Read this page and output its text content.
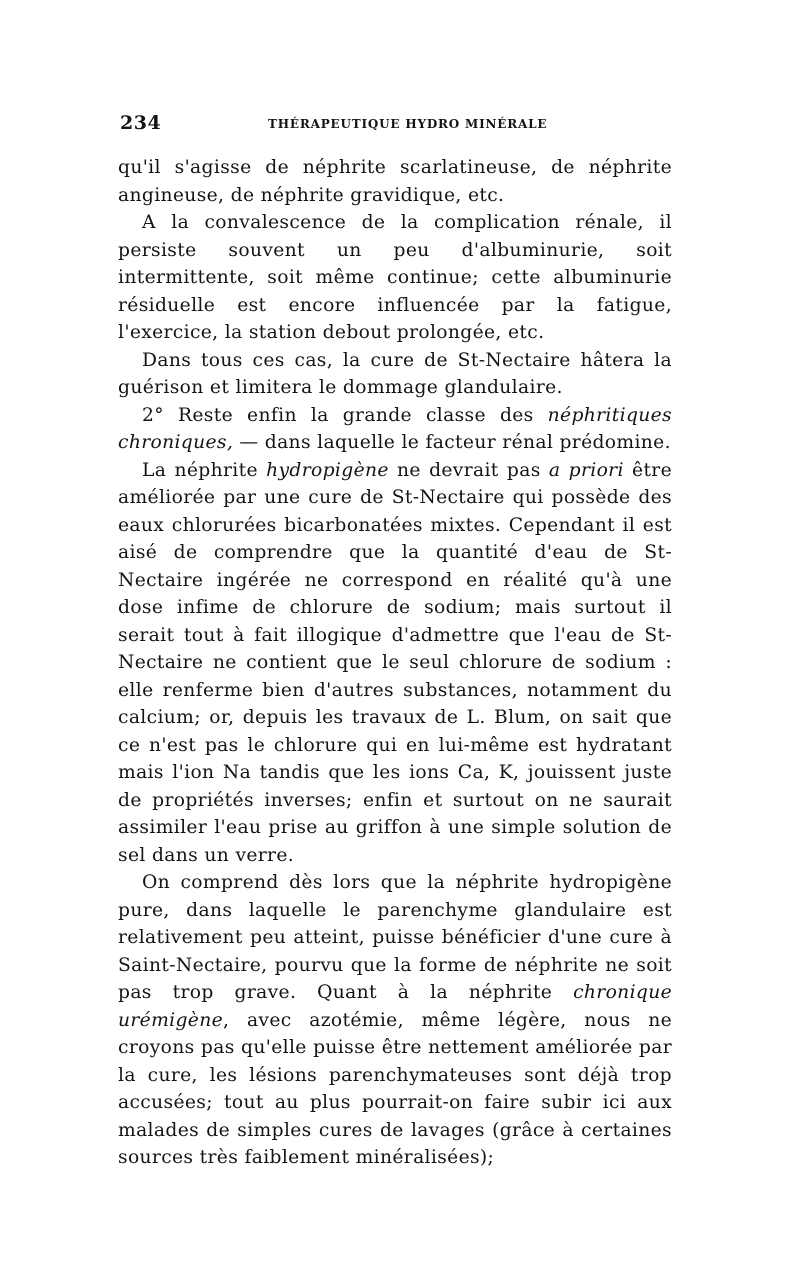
234	THÉRAPEUTIQUE HYDRO MINÉRALE

qu'il s'agisse de néphrite scarlatineuse, de néphrite angineuse, de néphrite gravidique, etc.

A la convalescence de la complication rénale, il persiste souvent un peu d'albuminurie, soit intermittente, soit même continue; cette albuminurie résiduelle est encore influencée par la fatigue, l'exercice, la station debout prolongée, etc.

Dans tous ces cas, la cure de St-Nectaire hâtera la guérison et limitera le dommage glandulaire.

2° Reste enfin la grande classe des néphritiques chroniques, — dans laquelle le facteur rénal prédomine.

La néphrite hydropigène ne devrait pas a priori être améliorée par une cure de St-Nectaire qui possède des eaux chlorurées bicarbonatées mixtes. Cependant il est aisé de comprendre que la quantité d'eau de St-Nectaire ingérée ne correspond en réalité qu'à une dose infime de chlorure de sodium; mais surtout il serait tout à fait illogique d'admettre que l'eau de St-Nectaire ne contient que le seul chlorure de sodium : elle renferme bien d'autres substances, notamment du calcium; or, depuis les travaux de L. Blum, on sait que ce n'est pas le chlorure qui en lui-même est hydratant mais l'ion Na tandis que les ions Ca, K, jouissent juste de propriétés inverses; enfin et surtout on ne saurait assimiler l'eau prise au griffon à une simple solution de sel dans un verre.

On comprend dès lors que la néphrite hydropigène pure, dans laquelle le parenchyme glandulaire est relativement peu atteint, puisse bénéficier d'une cure à Saint-Nectaire, pourvu que la forme de néphrite ne soit pas trop grave. Quant à la néphrite chronique urémigène, avec azotémie, même légère, nous ne croyons pas qu'elle puisse être nettement améliorée par la cure, les lésions parenchymateuses sont déjà trop accusées; tout au plus pourrait-on faire subir ici aux malades de simples cures de lavages (grâce à certaines sources très faiblement minéralisées);
